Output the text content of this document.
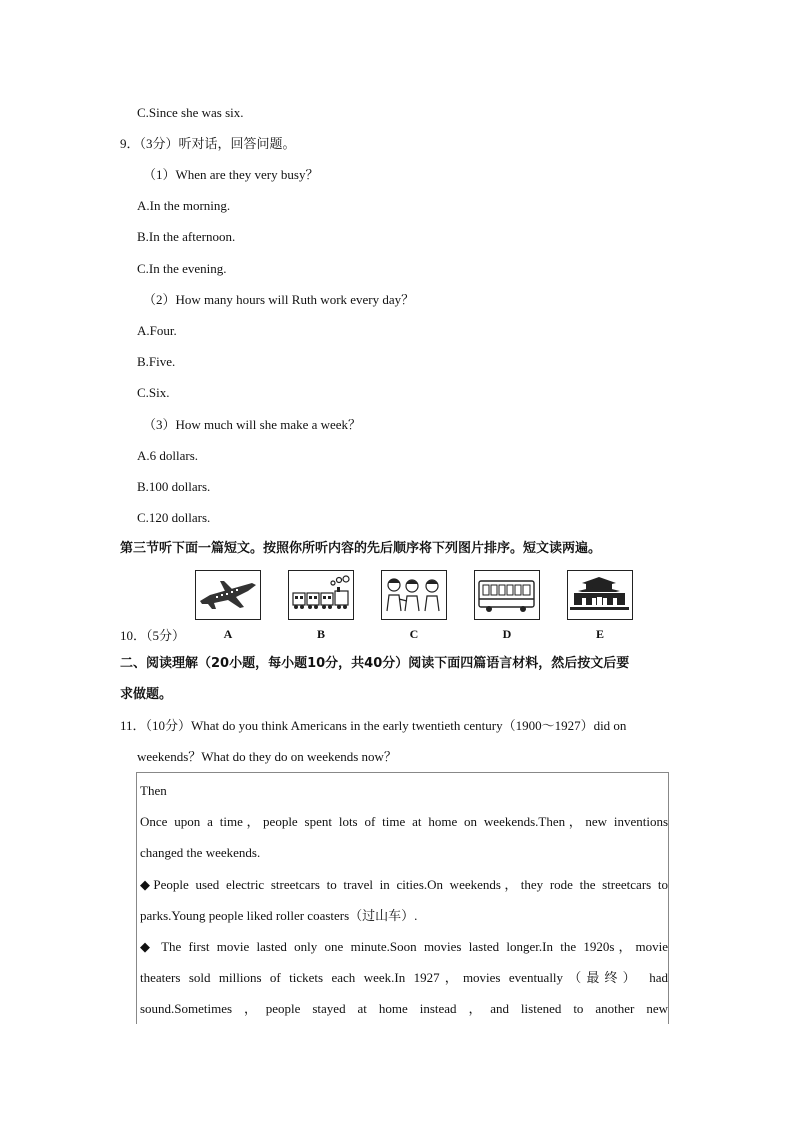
C.Since she was six.
9．（3分）听对话，回答问题。
（1）When are they very busy？
A.In the morning.
B.In the afternoon.
C.In the evening.
（2）How many hours will Ruth work every day？
A.Four.
B.Five.
C.Six.
（3）How much will she make a week？
A.6 dollars.
B.100 dollars.
C.120 dollars.
第三节听下面一篇短文。按照你所听内容的先后顺序将下列图片排序。短文读两遍。
A	B	C	D	E
10．（5分）
二、阅读理解（20小题，每小题10分，共40分）阅读下面四篇语言材料，然后按文后要
求做题。
11．（10分）What do you think Americans in the early twentieth century（1900～1927）did on
weekends？What do they do on weekends now？
Then
Once upon a time，people spent lots of time at home on weekends.Then，new inventions
changed the weekends.
◆People used electric streetcars to travel in cities.On weekends，they rode the streetcars to
parks.Young people liked roller coasters（过山车）.
◆ The first movie lasted only one minute.Soon movies lasted longer.In the 1920s，movie
theaters sold millions of tickets each week.In 1927，movies eventually（最终） had
sound.Sometimes ，people stayed at home instead ，and listened to another new
